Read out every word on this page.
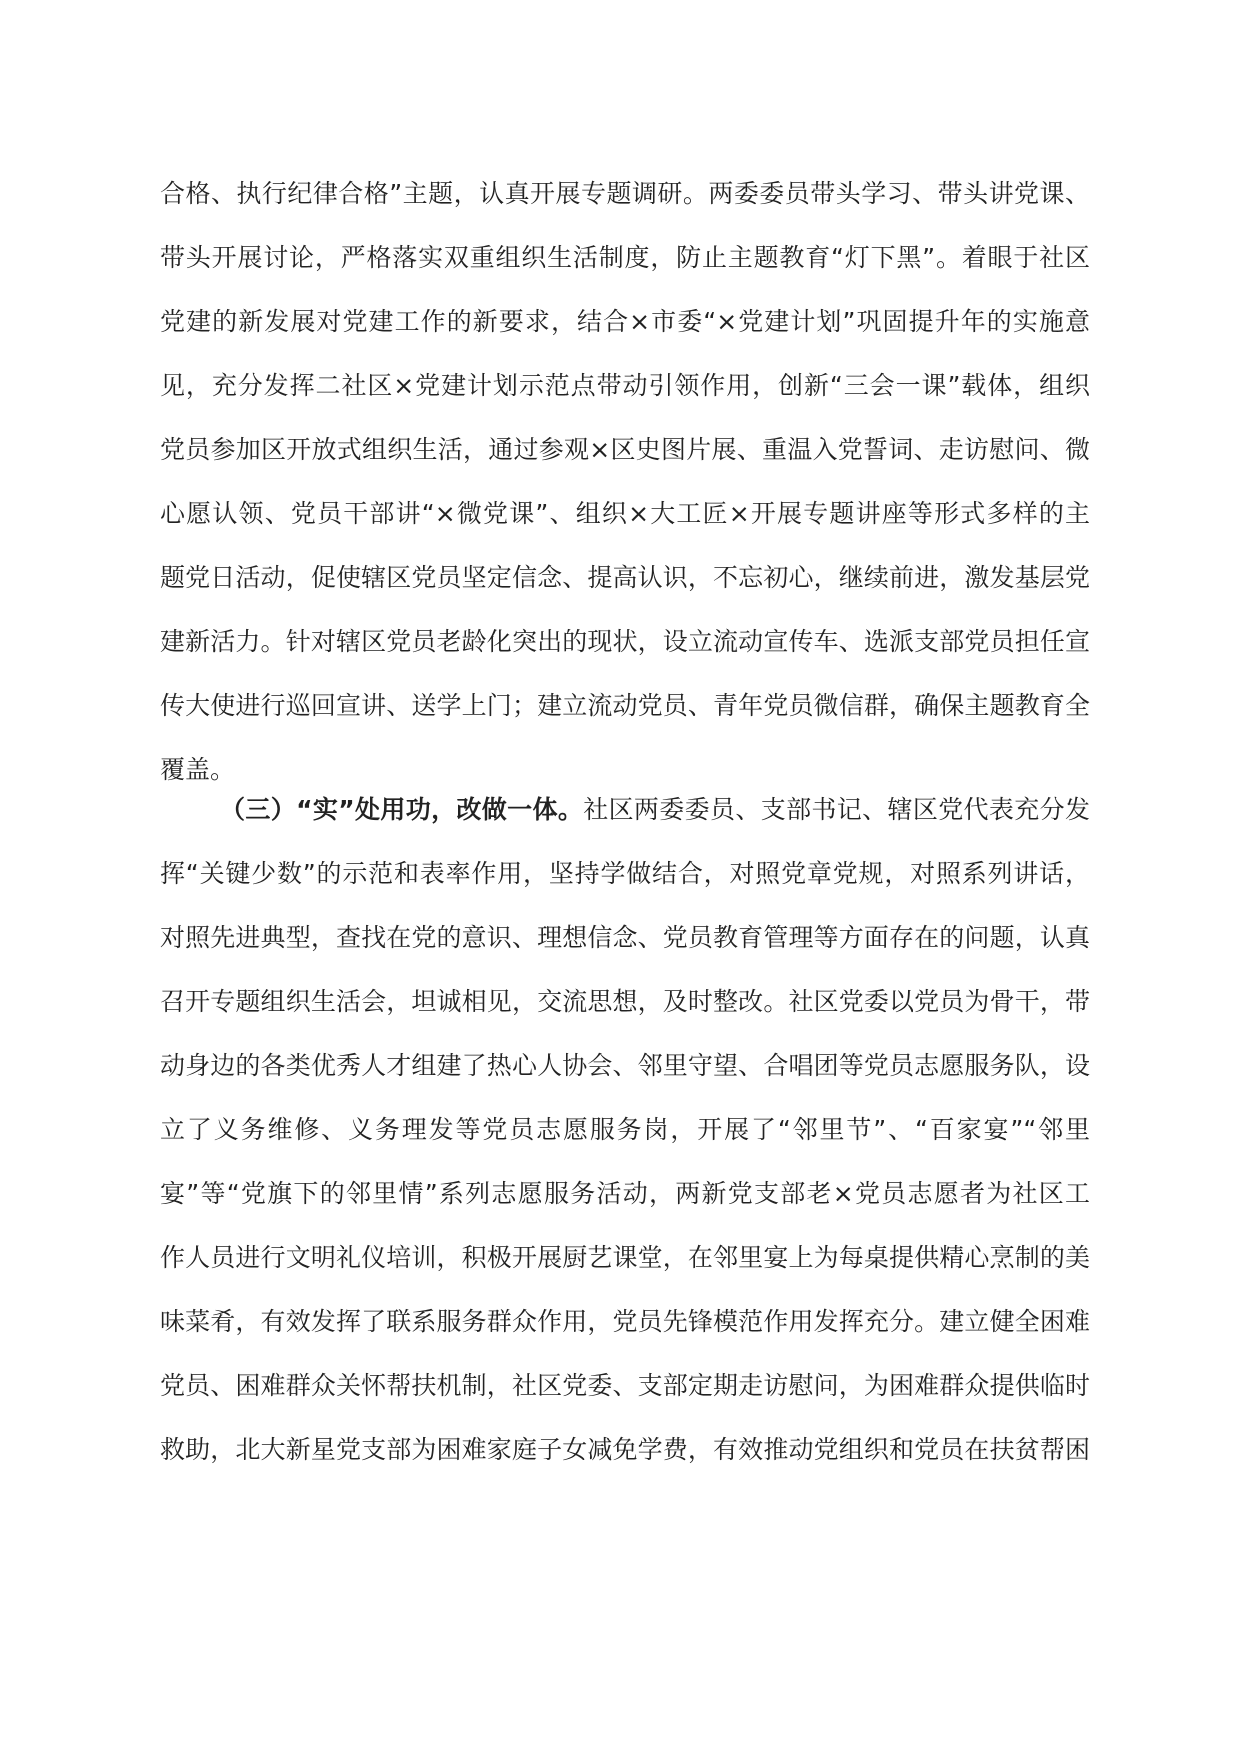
合格、执行纪律合格”主题，认真开展专题调研。两委委员带头学习、带头讲党课、
带头开展讨论，严格落实双重组织生活制度，防止主题教育“灯下黑”。着眼于社区
党建的新发展对党建工作的新要求，结合×市委“×党建计划”巩固提升年的实施意
见，充分发挥二社区×党建计划示范点带动引领作用，创新“三会一课”载体，组织
党员参加区开放式组织生活，通过参观×区史图片展、重温入党誓词、走访慰问、微
心愿认领、党员干部讲“×微党课”、组织×大工匠×开展专题讲座等形式多样的主
题党日活动，促使辖区党员坚定信念、提高认识，不忘初心，继续前进，激发基层党
建新活力。针对辖区党员老龄化突出的现状，设立流动宣传车、选派支部党员担任宣
传大使进行巡回宣讲、送学上门；建立流动党员、青年党员微信群，确保主题教育全
覆盖。
（三）“实”处用功，改做一体。社区两委委员、支部书记、辖区党代表充分发
挥“关键少数”的示范和表率作用，坚持学做结合，对照党章党规，对照系列讲话，
对照先进典型，查找在党的意识、理想信念、党员教育管理等方面存在的问题，认真
召开专题组织生活会，坦诚相见，交流思想，及时整改。社区党委以党员为骨干，带
动身边的各类优秀人才组建了热心人协会、邻里守望、合唱团等党员志愿服务队，设
立了义务维修、义务理发等党员志愿服务岗，开展了“邻里节”、“百家宴”“邻里
宴”等“党旗下的邻里情”系列志愿服务活动，两新党支部老×党员志愿者为社区工
作人员进行文明礼仪培训，积极开展厨艺课堂，在邻里宴上为每桌提供精心烹制的美
味菜肴，有效发挥了联系服务群众作用，党员先锋模范作用发挥充分。建立健全困难
党员、困难群众关怀帮扶机制，社区党委、支部定期走访慰问，为困难群众提供临时
救助，北大新星党支部为困难家庭子女减免学费，有效推动党组织和党员在扶贫帮困
